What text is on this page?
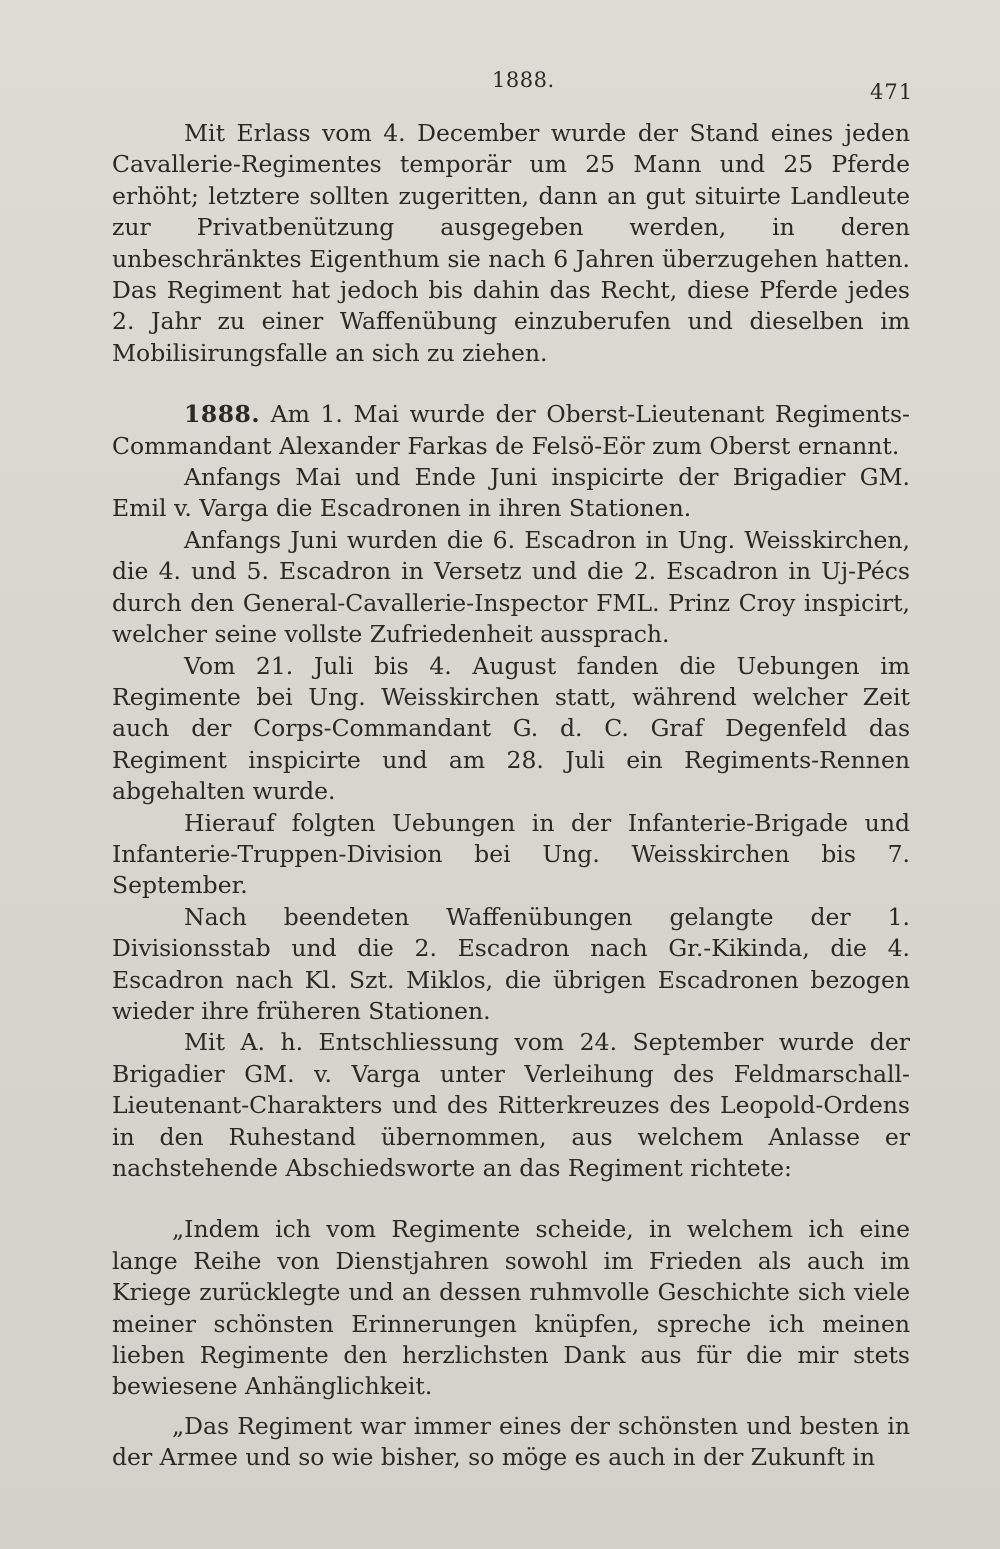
1888.	471

Mit Erlass vom 4. December wurde der Stand eines jeden Cavallerie-Regimentes temporär um 25 Mann und 25 Pferde erhöht; letztere sollten zugeritten, dann an gut situirte Landleute zur Privatbenützung ausgegeben werden, in deren unbeschränktes Eigenthum sie nach 6 Jahren überzugehen hatten. Das Regiment hat jedoch bis dahin das Recht, diese Pferde jedes 2. Jahr zu einer Waffenübung einzuberufen und dieselben im Mobilisirungsfalle an sich zu ziehen.

1888. Am 1. Mai wurde der Oberst-Lieutenant Regiments-Commandant Alexander Farkas de Felsö-Eör zum Oberst ernannt.

Anfangs Mai und Ende Juni inspicirte der Brigadier GM. Emil v. Varga die Escadronen in ihren Stationen.

Anfangs Juni wurden die 6. Escadron in Ung. Weisskirchen, die 4. und 5. Escadron in Versetz und die 2. Escadron in Uj-Pécs durch den General-Cavallerie-Inspector FML. Prinz Croy inspicirt, welcher seine vollste Zufriedenheit aussprach.

Vom 21. Juli bis 4. August fanden die Uebungen im Regimente bei Ung. Weisskirchen statt, während welcher Zeit auch der Corps-Commandant G. d. C. Graf Degenfeld das Regiment inspicirte und am 28. Juli ein Regiments-Rennen abgehalten wurde.

Hierauf folgten Uebungen in der Infanterie-Brigade und Infanterie-Truppen-Division bei Ung. Weisskirchen bis 7. September.

Nach beendeten Waffenübungen gelangte der 1. Divisionsstab und die 2. Escadron nach Gr.-Kikinda, die 4. Escadron nach Kl. Szt. Miklos, die übrigen Escadronen bezogen wieder ihre früheren Stationen.

Mit A. h. Entschliessung vom 24. September wurde der Brigadier GM. v. Varga unter Verleihung des Feldmarschall-Lieutenant-Charakters und des Ritterkreuzes des Leopold-Ordens in den Ruhestand übernommen, aus welchem Anlasse er nachstehende Abschiedsworte an das Regiment richtete:

„Indem ich vom Regimente scheide, in welchem ich eine lange Reihe von Dienstjahren sowohl im Frieden als auch im Kriege zurücklegte und an dessen ruhmvolle Geschichte sich viele meiner schönsten Erinnerungen knüpfen, spreche ich meinen lieben Regimente den herzlichsten Dank aus für die mir stets bewiesene Anhänglichkeit.

„Das Regiment war immer eines der schönsten und besten in der Armee und so wie bisher, so möge es auch in der Zukunft in
